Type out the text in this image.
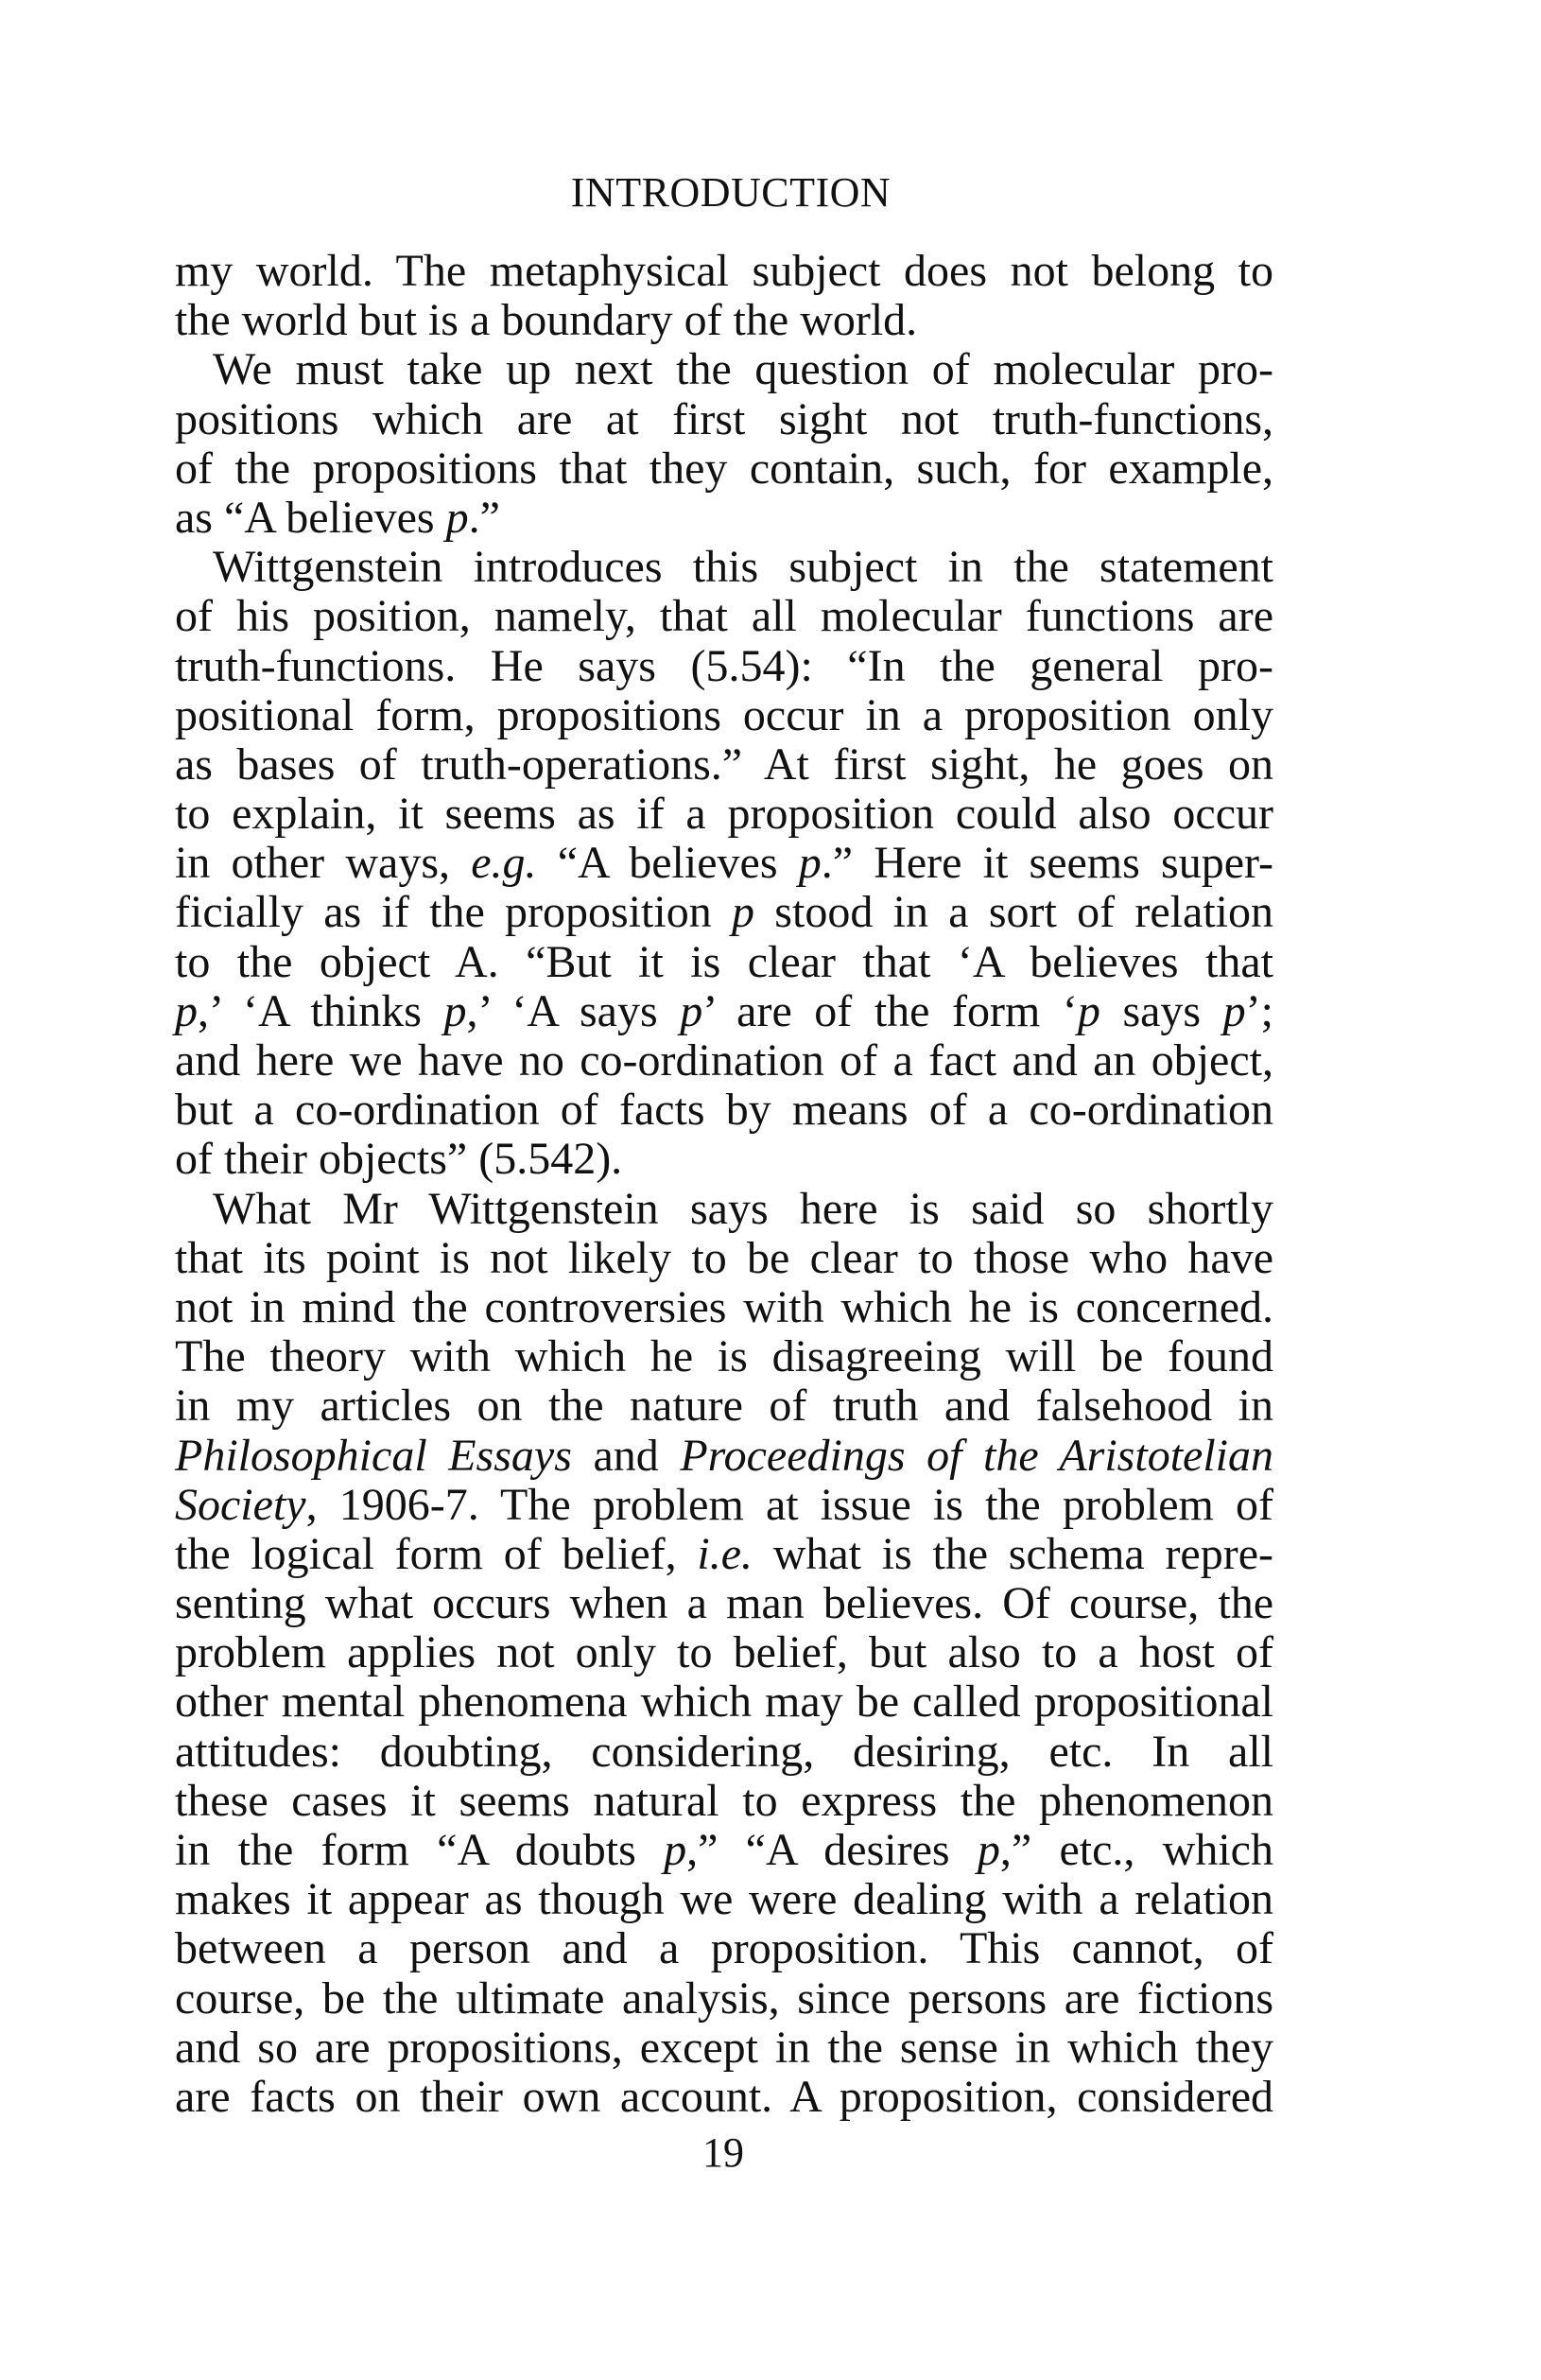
INTRODUCTION
my world. The metaphysical subject does not belong to
the world but is a boundary of the world.
We must take up next the question of molecular pro-
positions which are at first sight not truth-functions,
of the propositions that they contain, such, for example,
as “A believes p.”
Wittgenstein introduces this subject in the statement
of his position, namely, that all molecular functions are
truth-functions. He says (5.54): “In the general pro-
positional form, propositions occur in a proposition only
as bases of truth-operations.” At first sight, he goes on
to explain, it seems as if a proposition could also occur
in other ways, e.g. “A believes p.” Here it seems super-
ficially as if the proposition p stood in a sort of relation
to the object A. “But it is clear that ‘A believes that
p,’ ‘A thinks p,’ ‘A says p’ are of the form ‘p says p’;
and here we have no co-ordination of a fact and an object,
but a co-ordination of facts by means of a co-ordination
of their objects” (5.542).
What Mr Wittgenstein says here is said so shortly
that its point is not likely to be clear to those who have
not in mind the controversies with which he is concerned.
The theory with which he is disagreeing will be found
in my articles on the nature of truth and falsehood in
Philosophical Essays and Proceedings of the Aristotelian
Society, 1906-7. The problem at issue is the problem of
the logical form of belief, i.e. what is the schema repre-
senting what occurs when a man believes. Of course, the
problem applies not only to belief, but also to a host of
other mental phenomena which may be called propositional
attitudes: doubting, considering, desiring, etc. In all
these cases it seems natural to express the phenomenon
in the form “A doubts p,” “A desires p,” etc., which
makes it appear as though we were dealing with a relation
between a person and a proposition. This cannot, of
course, be the ultimate analysis, since persons are fictions
and so are propositions, except in the sense in which they
are facts on their own account. A proposition, considered
19
